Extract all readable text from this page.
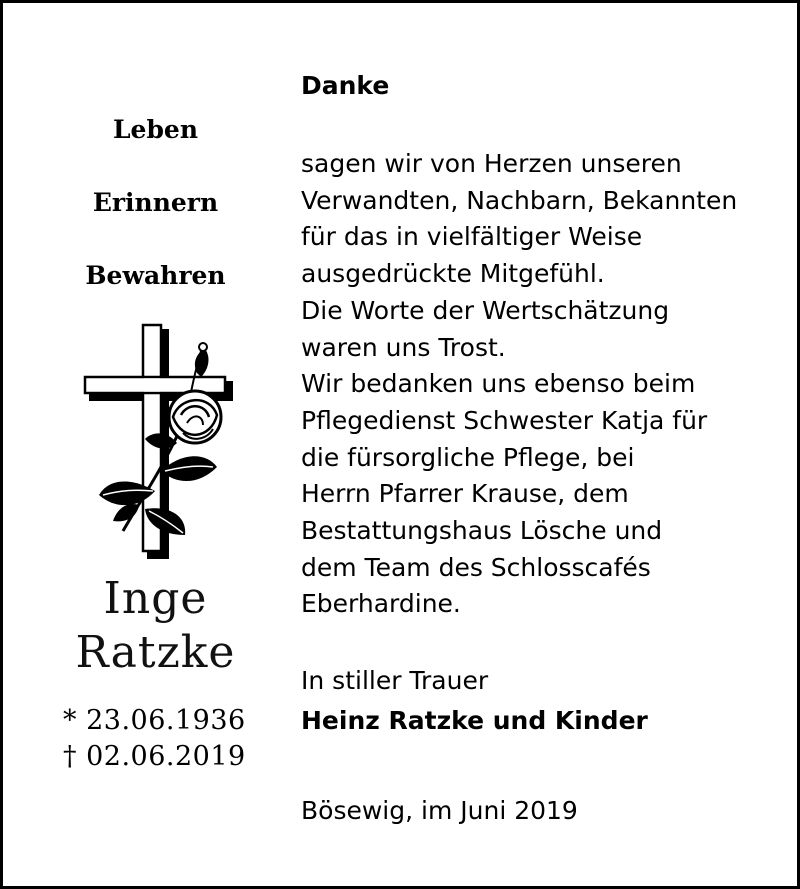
Leben
Erinnern
Bewahren
Inge
Ratzke
* 23.06.1936
† 02.06.2019
Danke
sagen wir von Herzen unseren
Verwandten, Nachbarn, Bekannten
für das in vielfältiger Weise
ausgedrückte Mitgefühl.
Die Worte der Wertschätzung
waren uns Trost.
Wir bedanken uns ebenso beim
Pflegedienst Schwester Katja für
die fürsorgliche Pflege, bei
Herrn Pfarrer Krause, dem
Bestattungshaus Lösche und
dem Team des Schlosscafés
Eberhardine.
In stiller Trauer
Heinz Ratzke und Kinder
Bösewig, im Juni 2019
